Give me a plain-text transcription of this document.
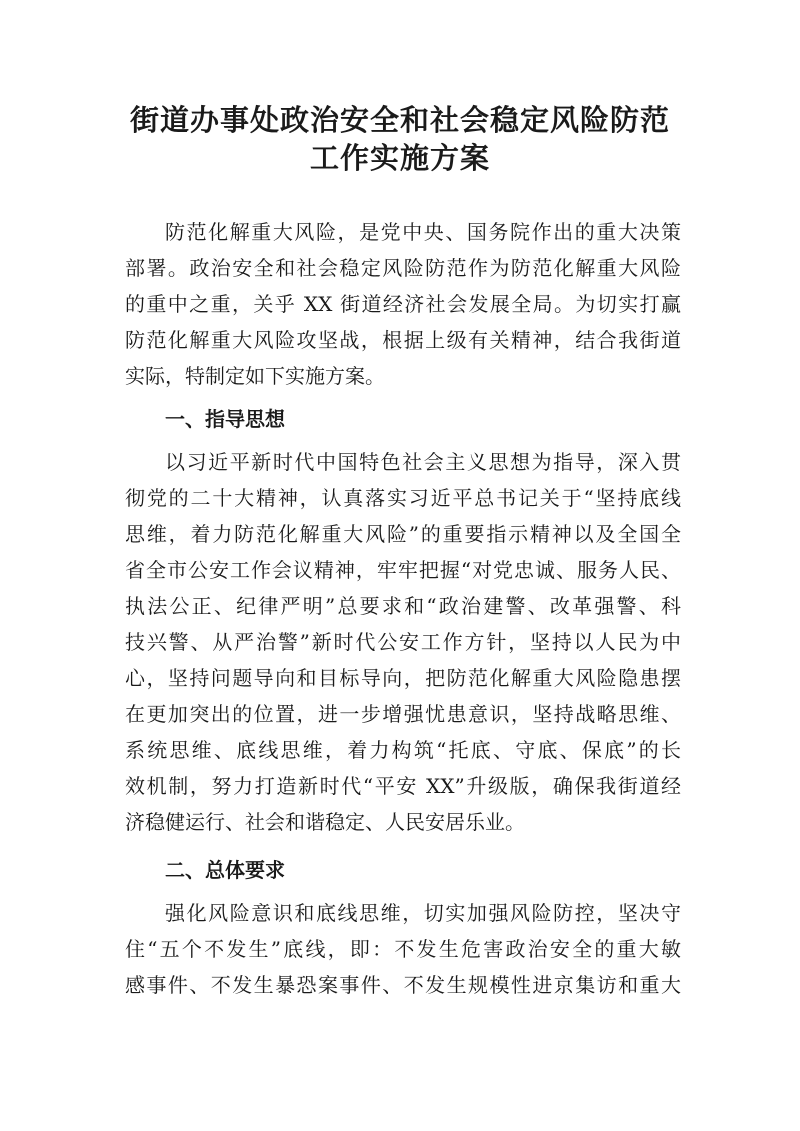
街道办事处政治安全和社会稳定风险防范
工作实施方案

防范化解重大风险，是党中央、国务院作出的重大决策

部署。政治安全和社会稳定风险防范作为防范化解重大风险

的重中之重，关乎 XX 街道经济社会发展全局。为切实打赢

防范化解重大风险攻坚战，根据上级有关精神，结合我街道

实际，特制定如下实施方案。

一、指导思想

以习近平新时代中国特色社会主义思想为指导，深入贯

彻党的二十大精神，认真落实习近平总书记关于“坚持底线

思维，着力防范化解重大风险”的重要指示精神以及全国全

省全市公安工作会议精神，牢牢把握“对党忠诚、服务人民、

执法公正、纪律严明”总要求和“政治建警、改革强警、科

技兴警、从严治警”新时代公安工作方针，坚持以人民为中

心，坚持问题导向和目标导向，把防范化解重大风险隐患摆

在更加突出的位置，进一步增强忧患意识，坚持战略思维、

系统思维、底线思维，着力构筑“托底、守底、保底”的长

效机制，努力打造新时代“平安 XX”升级版，确保我街道经

济稳健运行、社会和谐稳定、人民安居乐业。

二、总体要求

强化风险意识和底线思维，切实加强风险防控，坚决守

住“五个不发生”底线，即：不发生危害政治安全的重大敏

感事件、不发生暴恐案事件、不发生规模性进京集访和重大
